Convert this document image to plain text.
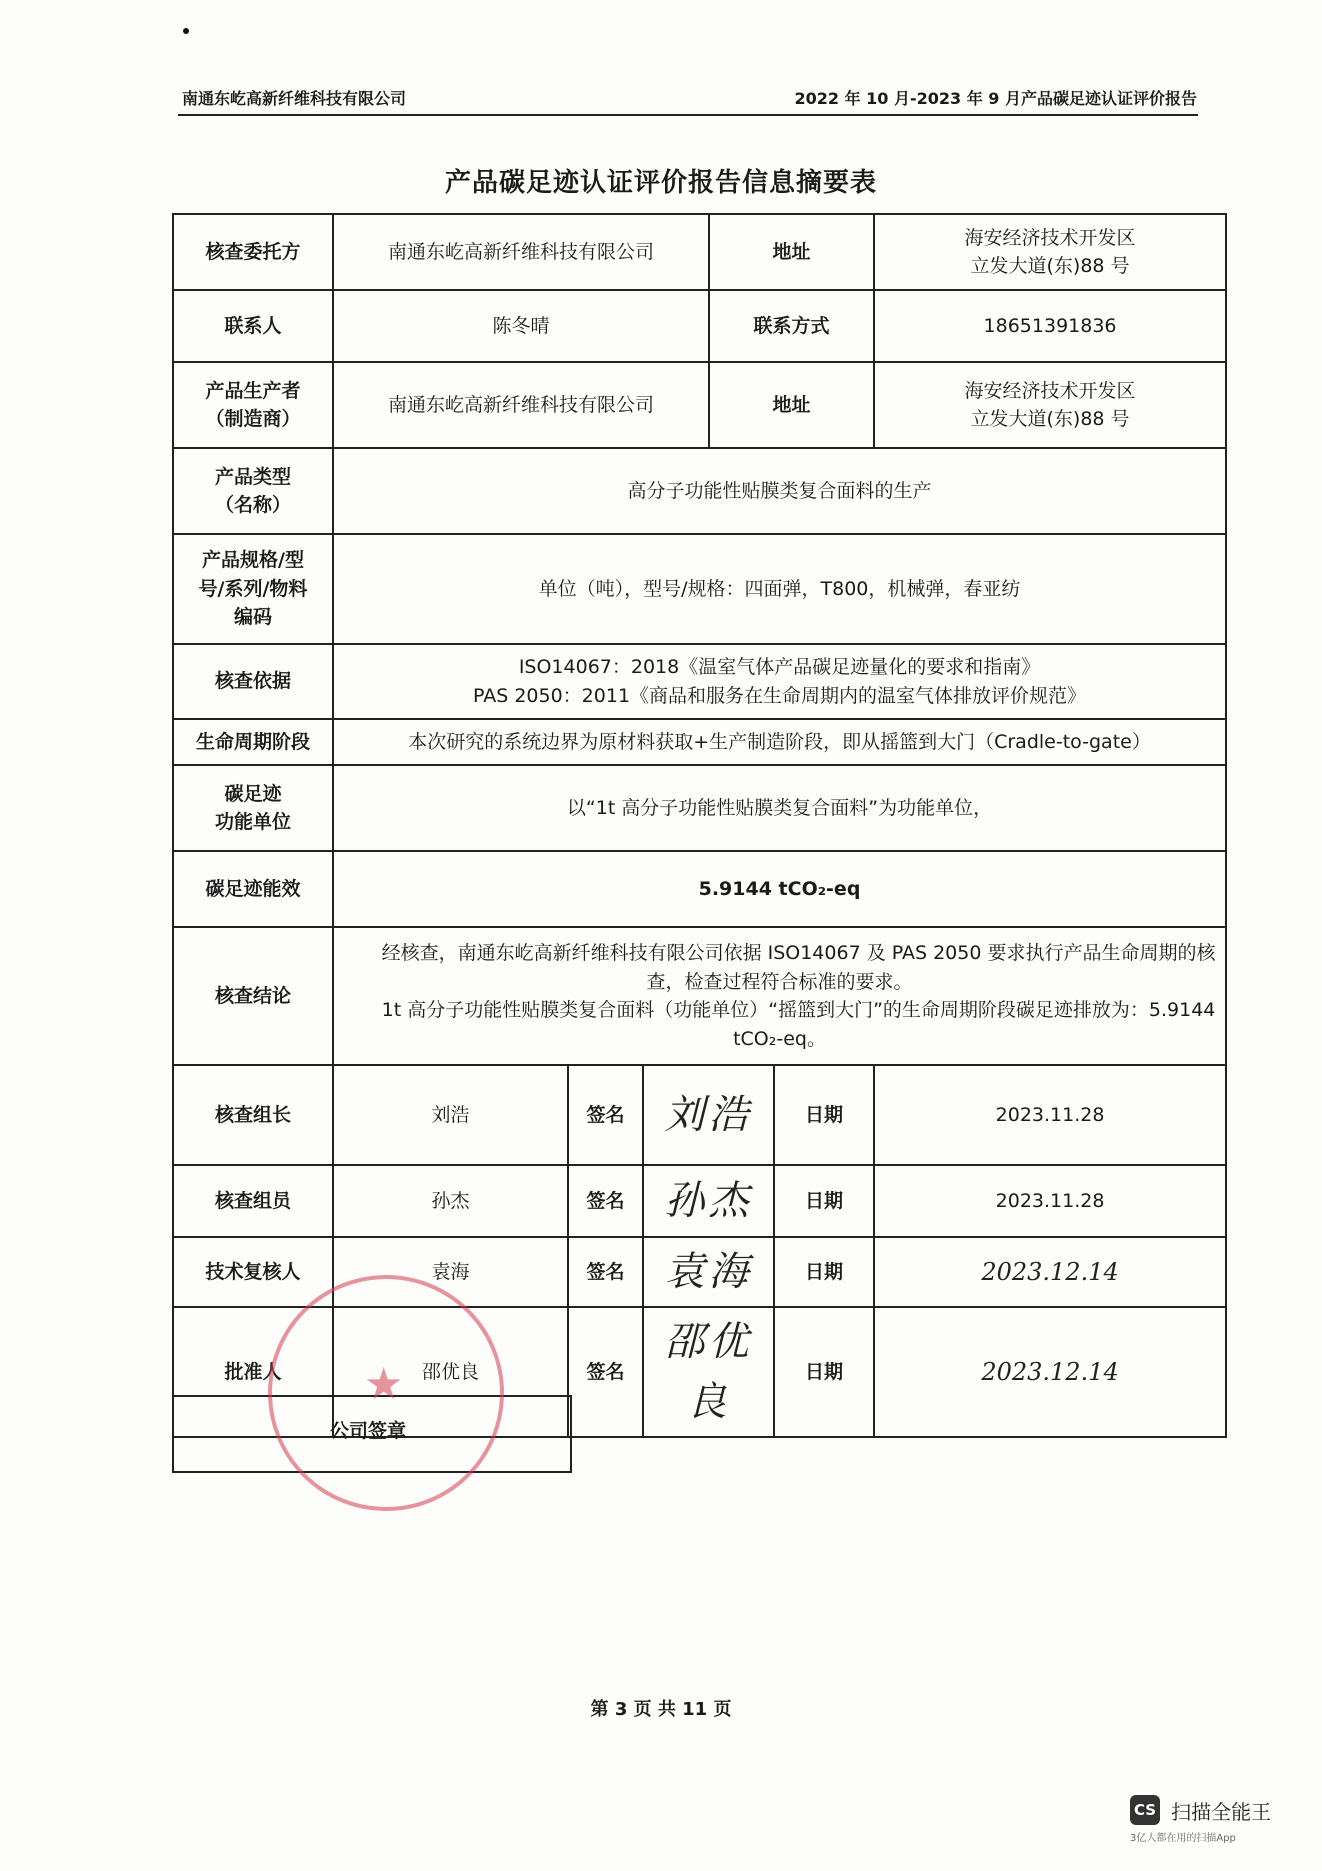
南通东屹高新纤维科技有限公司	2022 年 10 月-2023 年 9 月产品碳足迹认证评价报告
产品碳足迹认证评价报告信息摘要表
核查委托方	南通东屹高新纤维科技有限公司			地址		海安经济技术开发区
立发大道(东)88 号

联系人	陈冬晴			联系方式		18651391836

产品生产者
（制造商）	南通东屹高新纤维科技有限公司			地址		海安经济技术开发区
立发大道(东)88 号

产品类型
（名称）	高分子功能性贴膜类复合面料的生产					

产品规格/型
号/系列/物料
编码	单位（吨），型号/规格：四面弹，T800，机械弹，春亚纺					
核查依据	ISO14067：2018《温室气体产品碳足迹量化的要求和指南》
PAS 2050：2011《商品和服务在生命周期内的温室气体排放评价规范》					

生命周期阶段	本次研究的系统边界为原材料获取+生产制造阶段，即从摇篮到大门（Cradle-to-gate）					

碳足迹
功能单位	以“1t 高分子功能性贴膜类复合面料”为功能单位，					
碳足迹能效	5.9144 tCO₂-eq					
核查结论	经核查，南通东屹高新纤维科技有限公司依据 ISO14067 及 PAS 2050 要求执行产品生命周期的核查，检查过程符合标准的要求。
1t 高分子功能性贴膜类复合面料（功能单位）“摇篮到大门”的生命周期阶段碳足迹排放为：5.9144 tCO₂-eq。					

核查组长	刘浩	签名	刘浩		日期	2023.11.28
核查组员	孙杰	签名	孙杰		日期	2023.11.28
技术复核人	袁海	签名	袁海		日期	2023.12.14
批准人	邵优良	签名	邵优良		日期	2023.12.14
公司签章
★
第 3 页 共 11 页
CS 扫描全能王
3亿人都在用的扫描App
